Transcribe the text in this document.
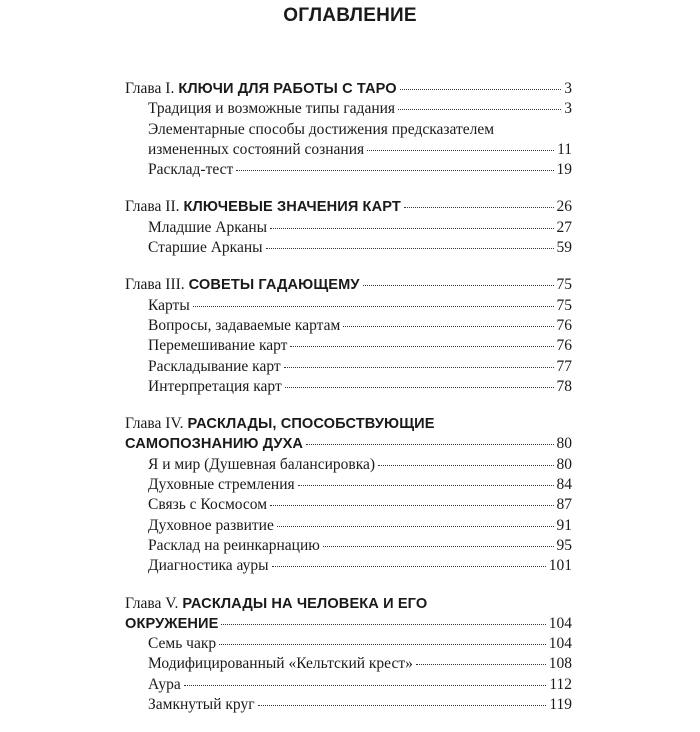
ОГЛАВЛЕНИЕ
Глава I. КЛЮЧИ ДЛЯ РАБОТЫ С ТАРО	3
Традиция и возможные типы гадания	3
Элементарные способы достижения предсказателем
измененных состояний сознания	11
Расклад-тест	19
Глава II. КЛЮЧЕВЫЕ ЗНАЧЕНИЯ КАРТ	26
Младшие Арканы	27
Старшие Арканы	59
Глава III. СОВЕТЫ ГАДАЮЩЕМУ	75
Карты	75
Вопросы, задаваемые картам	76
Перемешивание карт	76
Раскладывание карт	77
Интерпретация карт	78
Глава IV. РАСКЛАДЫ, СПОСОБСТВУЮЩИЕ
САМОПОЗНАНИЮ ДУХА	80
Я и мир (Душевная балансировка)	80
Духовные стремления	84
Связь с Космосом	87
Духовное развитие	91
Расклад на реинкарнацию	95
Диагностика ауры	101
Глава V. РАСКЛАДЫ НА ЧЕЛОВЕКА И ЕГО
ОКРУЖЕНИЕ	104
Семь чакр	104
Модифицированный «Кельтский крест»	108
Аура	112
Замкнутый круг	119
